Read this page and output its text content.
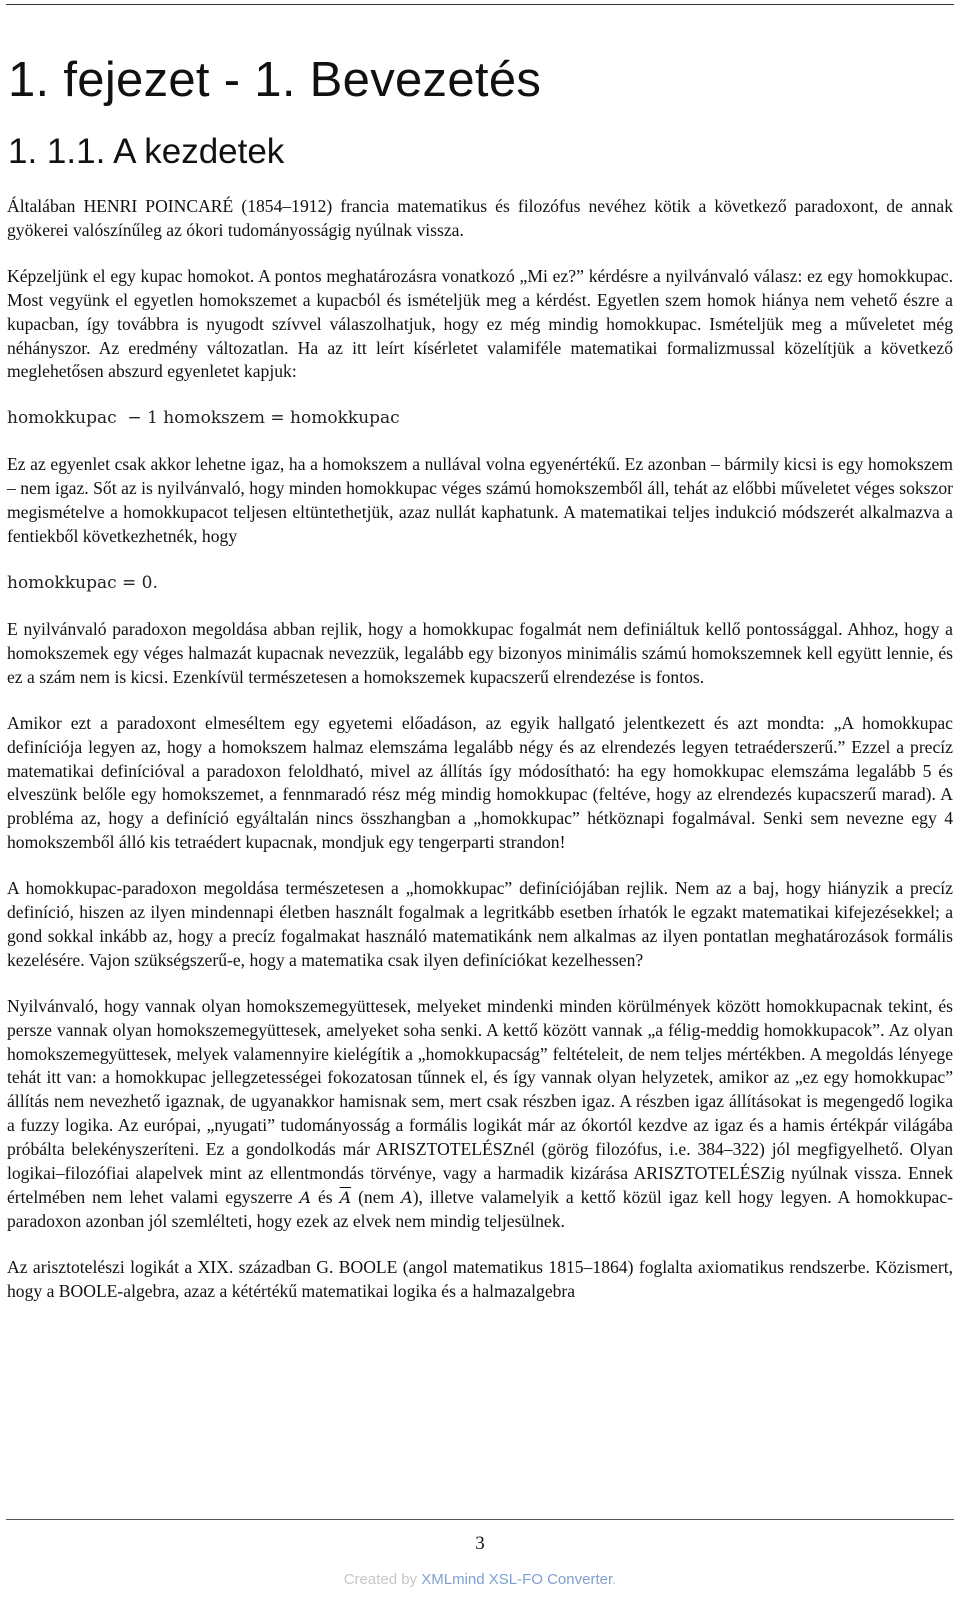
1. fejezet - 1. Bevezetés
1. 1.1. A kezdetek

Általában HENRI POINCARÉ (1854–1912) francia matematikus és filozófus nevéhez kötik a következő paradoxont, de annak gyökerei valószínűleg az ókori tudományosságig nyúlnak vissza.

Képzeljünk el egy kupac homokot. A pontos meghatározásra vonatkozó „Mi ez?” kérdésre a nyilvánvaló válasz: ez egy homokkupac. Most vegyünk el egyetlen homokszemet a kupacból és ismételjük meg a kérdést. Egyetlen szem homok hiánya nem vehető észre a kupacban, így továbbra is nyugodt szívvel válaszolhatjuk, hogy ez még mindig homokkupac. Ismételjük meg a műveletet még néhányszor. Az eredmény változatlan. Ha az itt leírt kísérletet valamiféle matematikai formalizmussal közelítjük a következő meglehetősen abszurd egyenletet kapjuk:

homokkupac  − 1 homokszem = homokkupac

Ez az egyenlet csak akkor lehetne igaz, ha a homokszem a nullával volna egyenértékű. Ez azonban – bármily kicsi is egy homokszem – nem igaz. Sőt az is nyilvánvaló, hogy minden homokkupac véges számú homokszemből áll, tehát az előbbi műveletet véges sokszor megismételve a homokkupacot teljesen eltüntethetjük, azaz nullát kaphatunk. A matematikai teljes indukció módszerét alkalmazva a fentiekből következhetnék, hogy

homokkupac = 0.

E nyilvánvaló paradoxon megoldása abban rejlik, hogy a homokkupac fogalmát nem definiáltuk kellő pontossággal. Ahhoz, hogy a homokszemek egy véges halmazát kupacnak nevezzük, legalább egy bizonyos minimális számú homokszemnek kell együtt lennie, és ez a szám nem is kicsi. Ezenkívül természetesen a homokszemek kupacszerű elrendezése is fontos.

Amikor ezt a paradoxont elmeséltem egy egyetemi előadáson, az egyik hallgató jelentkezett és azt mondta: „A homokkupac definíciója legyen az, hogy a homokszem halmaz elemszáma legalább négy és az elrendezés legyen tetraéderszerű.” Ezzel a precíz matematikai definícióval a paradoxon feloldható, mivel az állítás így módosítható: ha egy homokkupac elemszáma legalább 5 és elveszünk belőle egy homokszemet, a fennmaradó rész még mindig homokkupac (feltéve, hogy az elrendezés kupacszerű marad). A probléma az, hogy a definíció egyáltalán nincs összhangban a „homokkupac” hétköznapi fogalmával. Senki sem nevezne egy 4 homokszemből álló kis tetraédert kupacnak, mondjuk egy tengerparti strandon!

A homokkupac-paradoxon megoldása természetesen a „homokkupac” definíciójában rejlik. Nem az a baj, hogy hiányzik a precíz definíció, hiszen az ilyen mindennapi életben használt fogalmak a legritkább esetben írhatók le egzakt matematikai kifejezésekkel; a gond sokkal inkább az, hogy a precíz fogalmakat használó matematikánk nem alkalmas az ilyen pontatlan meghatározások formális kezelésére. Vajon szükségszerű-e, hogy a matematika csak ilyen definíciókat kezelhessen?

Nyilvánvaló, hogy vannak olyan homokszemegyüttesek, melyeket mindenki minden körülmények között homokkupacnak tekint, és persze vannak olyan homokszemegyüttesek, amelyeket soha senki. A kettő között vannak „a félig-meddig homokkupacok”. Az olyan homokszemegyüttesek, melyek valamennyire kielégítik a „homokkupacság” feltételeit, de nem teljes mértékben. A megoldás lényege tehát itt van: a homokkupac jellegzetességei fokozatosan tűnnek el, és így vannak olyan helyzetek, amikor az „ez egy homokkupac” állítás nem nevezhető igaznak, de ugyanakkor hamisnak sem, mert csak részben igaz. A részben igaz állításokat is megengedő logika a fuzzy logika. Az európai, „nyugati” tudományosság a formális logikát már az ókortól kezdve az igaz és a hamis értékpár világába próbálta belekényszeríteni. Ez a gondolkodás már ARISZTOTELÉSZnél (görög filozófus, i.e. 384–322) jól megfigyelhető. Olyan logikai–filozófiai alapelvek mint az ellentmondás törvénye, vagy a harmadik kizárása ARISZTOTELÉSZig nyúlnak vissza. Ennek értelmében nem lehet valami egyszerre A és $\overline{A}$ (nem A), illetve valamelyik a kettő közül igaz kell hogy legyen. A homokkupac-paradoxon azonban jól szemlélteti, hogy ezek az elvek nem mindig teljesülnek.

Az arisztotelészi logikát a XIX. században G. BOOLE (angol matematikus 1815–1864) foglalta axiomatikus rendszerbe. Közismert, hogy a BOOLE-algebra, azaz a kétértékű matematikai logika és a halmazalgebra

3
Created by XMLmind XSL-FO Converter.
